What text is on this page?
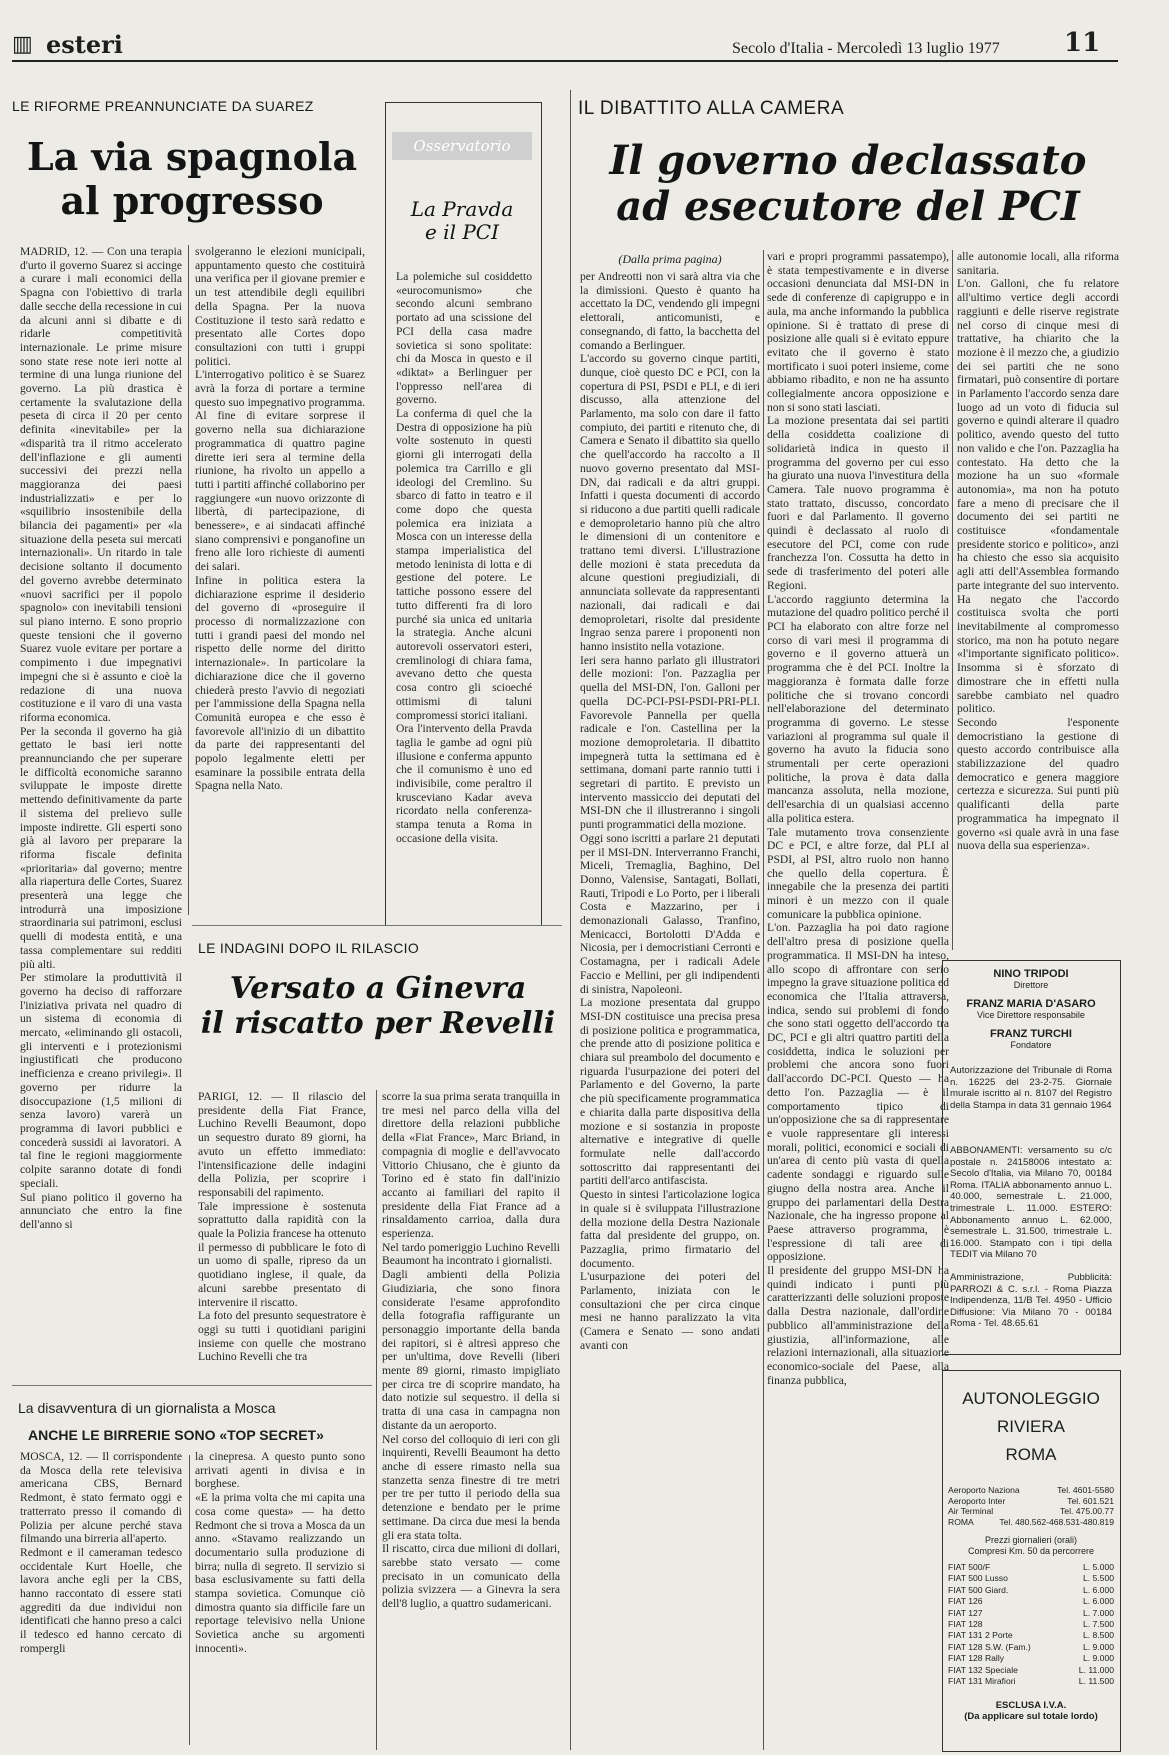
▥ esteri	Secolo d'Italia - Mercoledì 13 luglio 1977 11
LE RIFORME PREANNUNCIATE DA SUAREZ
La via spagnola
al progresso
MADRID, 12. — Con una terapia d'urto il governo Suarez si accinge a curare i mali economici della Spagna con l'obiettivo di trarla dalle secche della recessione in cui da alcuni anni si dibatte e di ridarle competitività internazionale. Le prime misure sono state rese note ieri notte al termine di una lunga riunione del governo. La più drastica è certamente la svalutazione della peseta di circa il 20 per cento definita «inevitabile» per la «disparità tra il ritmo accelerato dell'inflazione e gli aumenti successivi dei prezzi nella maggioranza dei paesi industrializzati» e per lo «squilibrio insostenibile della bilancia dei pagamenti» per «la situazione della peseta sui mercati internazionali». Un ritardo in tale decisione soltanto il documento del governo avrebbe determinato «nuovi sacrifici per il popolo spagnolo» con inevitabili tensioni sul piano interno. E sono proprio queste tensioni che il governo Suarez vuole evitare per portare a compimento i due impegnativi impegni che si è assunto e cioè la redazione di una nuova costituzione e il varo di una vasta riforma economica.
Per la seconda il governo ha già gettato le basi ieri notte preannunciando che per superare le difficoltà economiche saranno sviluppate le imposte dirette mettendo definitivamente da parte il sistema del prelievo sulle imposte indirette. Gli esperti sono già al lavoro per preparare la riforma fiscale definita «prioritaria» dal governo; mentre alla riapertura delle Cortes, Suarez presenterà una legge che introdurrà una imposizione straordinaria sui patrimoni, esclusi quelli di modesta entità, e una tassa complementare sui redditi più alti.
Per stimolare la produttività il governo ha deciso di rafforzare l'iniziativa privata nel quadro di un sistema di economia di mercato, «eliminando gli ostacoli, gli interventi e i protezionismi ingiustificati che producono inefficienza e creano privilegi». Il governo per ridurre la disoccupazione (1,5 milioni di senza lavoro) varerà un programma di lavori pubblici e concederà sussidi ai lavoratori. A tal fine le regioni maggiormente colpite saranno dotate di fondi speciali.
Sul piano politico il governo ha annunciato che entro la fine dell'anno si
svolgeranno le elezioni municipali, appuntamento questo che costituirà una verifica per il giovane premier e un test attendibile degli equilibri della Spagna. Per la nuova Costituzione il testo sarà redatto e presentato alle Cortes dopo consultazioni con tutti i gruppi politici.
L'interrogativo politico è se Suarez avrà la forza di portare a termine questo suo impegnativo programma. Al fine di evitare sorprese il governo nella sua dichiarazione programmatica di quattro pagine dirette ieri sera al termine della riunione, ha rivolto un appello a tutti i partiti affinché collaborino per raggiungere «un nuovo orizzonte di libertà, di partecipazione, di benessere», e ai sindacati affinché siano comprensivi e ponganofine un freno alle loro richieste di aumenti dei salari.
Infine in politica estera la dichiarazione esprime il desiderio del governo di «proseguire il processo di normalizzazione con tutti i grandi paesi del mondo nel rispetto delle norme del diritto internazionale». In particolare la dichiarazione dice che il governo chiederà presto l'avvio di negoziati per l'ammissione della Spagna nella Comunità europea e che esso è favorevole all'inizio di un dibattito da parte dei rappresentanti del popolo legalmente eletti per esaminare la possibile entrata della Spagna nella Nato.
Osservatorio
La Pravda
e il PCI
La polemiche sul cosiddetto «eurocomunismo» che secondo alcuni sembrano portato ad una scissione del PCI della casa madre sovietica si sono spolitate: chi da Mosca in questo e il «diktat» a Berlinguer per l'oppresso nell'area di governo.
La conferma di quel che la Destra di opposizione ha più volte sostenuto in questi giorni gli interrogati della polemica tra Carrillo e gli ideologi del Cremlino. Su sbarco di fatto in teatro e il come dopo che questa polemica era iniziata a Mosca con un interesse della stampa imperialistica del metodo leninista di lotta e di gestione del potere. Le tattiche possono essere del tutto differenti fra di loro purché sia unica ed unitaria la strategia. Anche alcuni autorevoli osservatori esteri, cremlinologi di chiara fama, avevano detto che questa cosa contro gli scioeché ottimismi di taluni compromessi storici italiani.
Ora l'intervento della Pravda taglia le gambe ad ogni più illusione e conferma appunto che il comunismo è uno ed indivisibile, come peraltro il krusceviano Kadar aveva ricordato nella conferenza-stampa tenuta a Roma in occasione della visita.
IL DIBATTITO ALLA CAMERA
Il governo declassato
ad esecutore del PCI
(Dalla prima pagina)
per Andreotti non vi sarà altra via che la dimissioni. Questo è quanto ha accettato la DC, vendendo gli impegni elettorali, anticomunisti, e consegnando, di fatto, la bacchetta del comando a Berlinguer.
L'accordo su governo cinque partiti, dunque, cioè questo DC e PCI, con la copertura di PSI, PSDI e PLI, e di ieri discusso, alla attenzione del Parlamento, ma solo con dare il fatto compiuto, dei partiti e ritenuto che, di Camera e Senato il dibattito sia quello che quell'accordo ha raccolto a Il nuovo governo presentato dal MSI-DN, dai radicali e da altri gruppi. Infatti i questa documenti di accordo si riducono a due partiti quelli radicale e demoproletario hanno più che altro le dimensioni di un contenitore e trattano temi diversi. L'illustrazione delle mozioni è stata preceduta da alcune questioni pregiudiziali, di annunciata sollevate da rappresentanti nazionali, dai radicali e dai demoproletari, risolte dal presidente Ingrao senza parere i proponenti non hanno insistito nella votazione.
Ieri sera hanno parlato gli illustratori delle mozioni: l'on. Pazzaglia per quella del MSI-DN, l'on. Galloni per quella DC-PCI-PSI-PSDI-PRI-PLI. Favorevole Pannella per quella radicale e l'on. Castellina per la mozione demoproletaria. Il dibattito impegnerà tutta la settimana ed è settimana, domani parte rannio tutti i segretari di partito. E previsto un intervento massiccio dei deputati del MSI-DN che il illustreranno i singoli punti programmatici della mozione.
Oggi sono iscritti a parlare 21 deputati per il MSI-DN. Interverranno Franchi, Miceli, Tremaglia, Baghino, Del Donno, Valensise, Santagati, Bollati, Rauti, Tripodi e Lo Porto, per i liberali Costa e Mazzarino, per i demonazionali Galasso, Tranfino, Menicacci, Bortolotti D'Adda e Nicosia, per i democristiani Cerronti e Costamagna, per i radicali Adele Faccio e Mellini, per gli indipendenti di sinistra, Napoleoni.
La mozione presentata dal gruppo MSI-DN costituisce una precisa presa di posizione politica e programmatica, che prende atto di posizione politica e chiara sul preambolo del documento e riguarda l'usurpazione dei poteri del Parlamento e del Governo, la parte che più specificamente programmatica e chiarita dalla parte dispositiva della mozione e si sostanzia in proposte alternative e integrative di quelle formulate nelle dall'accordo sottoscritto dai rappresentanti dei partiti dell'arco antifascista.
Questo in sintesi l'articolazione logica in quale si è sviluppata l'illustrazione della mozione della Destra Nazionale fatta dal presidente del gruppo, on. Pazzaglia, primo firmatario del documento.
L'usurpazione dei poteri del Parlamento, iniziata con le consultazioni che per circa cinque mesi ne hanno paralizzato la vita (Camera e Senato — sono andati avanti con
vari e propri programmi passatempo), è stata tempestivamente e in diverse occasioni denunciata dal MSI-DN in sede di conferenze di capigruppo e in aula, ma anche informando la pubblica opinione. Si è trattato di prese di posizione alle quali si è evitato eppure evitato che il governo è stato mortificato i suoi poteri insieme, come abbiamo ribadito, e non ne ha assunto collegialmente ancora opposizione e non si sono stati lasciati.
La mozione presentata dai sei partiti della cosiddetta coalizione di solidarietà indica in questo il programma del governo per cui esso ha giurato una nuova l'investitura della Camera. Tale nuovo programma è stato trattato, discusso, concordato fuori e dal Parlamento. Il governo quindi è declassato al ruolo di esecutore del PCI, come con rude franchezza l'on. Cossutta ha detto in sede di trasferimento del poteri alle Regioni.
L'accordo raggiunto determina la mutazione del quadro politico perché il PCI ha elaborato con altre forze nel corso di vari mesi il programma di governo e il governo attuerà un programma che è del PCI. Inoltre la maggioranza è formata dalle forze politiche che si trovano concordi nell'elaborazione del determinato programma di governo. Le stesse variazioni al programma sul quale il governo ha avuto la fiducia sono strumentali per certe operazioni politiche, la prova è data dalla mancanza assoluta, nella mozione, dell'esarchia di un qualsiasi accenno alla politica estera.
Tale mutamento trova consenziente DC e PCI, e altre forze, dal PLI al PSDI, al PSI, altro ruolo non hanno che quello della copertura. È innegabile che la presenza dei partiti minori è un mezzo con il quale comunicare la pubblica opinione.
L'on. Pazzaglia ha poi dato ragione dell'altro presa di posizione quella programmatica. Il MSI-DN ha inteso, allo scopo di affrontare con serio impegno la grave situazione politica ed economica che l'Italia attraversa, indica, sendo sui problemi di fondo che sono stati oggetto dell'accordo tra DC, PCI e gli altri quattro partiti della cosiddetta, indica le soluzioni per problemi che ancora sono fuori dall'accordo DC-PCI. Questo — ha detto l'on. Pazzaglia — è il comportamento tipico di un'opposizione che sa di rappresentare e vuole rappresentare gli interessi morali, politici, economici e sociali di un'area di cento più vasta di quella cadente sondaggi e riguardo sulle giugno della nostra area. Anche il gruppo dei parlamentari della Destra Nazionale, che ha ingresso propone al Paese attraverso programma, è l'espressione di tali aree di opposizione.
Il presidente del gruppo MSI-DN ha quindi indicato i punti più caratterizzanti delle soluzioni proposte dalla Destra nazionale, dall'ordine pubblico all'amministrazione della giustizia, all'informazione, alle relazioni internazionali, alla situazione economico-sociale del Paese, alla finanza pubblica,
alle autonomie locali, alla riforma sanitaria.
L'on. Galloni, che fu relatore all'ultimo vertice degli accordi raggiunti e delle riserve registrate nel corso di cinque mesi di trattative, ha chiarito che la mozione è il mezzo che, a giudizio dei sei partiti che ne sono firmatari, può consentire di portare in Parlamento l'accordo senza dare luogo ad un voto di fiducia sul governo e quindi alterare il quadro politico, avendo questo del tutto non valido e che l'on. Pazzaglia ha contestato. Ha detto che la mozione ha un suo «formale autonomia», ma non ha potuto fare a meno di precisare che il documento dei sei partiti ne costituisce «fondamentale presidente storico e politico», anzi ha chiesto che esso sia acquisito agli atti dell'Assemblea formando parte integrante del suo intervento. Ha negato che l'accordo costituisca svolta che porti inevitabilmente al compromesso storico, ma non ha potuto negare «l'importante significato politico». Insomma si è sforzato di dimostrare che in effetti nulla sarebbe cambiato nel quadro politico.
Secondo l'esponente democristiano la gestione di questo accordo contribuisce alla stabilizzazione del quadro democratico e genera maggiore certezza e sicurezza. Sui punti più qualificanti della parte programmatica ha impegnato il governo «si quale avrà in una fase nuova della sua esperienza».
NINO TRIPODI
Direttore
FRANZ MARIA D'ASARO
Vice Direttore responsabile
FRANZ TURCHI
Fondatore
Autorizzazione del Tribunale di Roma n. 16225 del 23-2-75. Giornale murale iscritto al n. 8107 del Registro della Stampa in data 31 gennaio 1964
ABBONAMENTI: versamento su c/c postale n. 24158006 intestato a: Secolo d'Italia, via Milano 70, 00184 Roma. ITALIA abbonamento annuo L. 40.000, semestrale L. 21.000, trimestrale L. 11.000. ESTERO: Abbonamento annuo L. 62.000, semestrale L. 31.500, trimestrale L. 16.000. Stampato con i tipi della TEDIT via Milano 70
Amministrazione, Pubblicità: PARROZI & C. s.r.l. - Roma Piazza Indipendenza, 11/B Tel. 4950 - Ufficio Diffusione: Via Milano 70 - 00184 Roma - Tel. 48.65.61
AUTONOLEGGIO
RIVIERA
ROMA
Aeroporto Naziona	Tel. 4601-5580
Aeroporto Inter	Tel. 601.521
Air Terminal	Tel. 475.00.77
ROMA	Tel. 480.562-468.531-480.819
Prezzi giornalieri (orali)
Compresi Km. 50 da percorrere
FIAT 500/F	L. 5.000
FIAT 500 Lusso	L. 5.500
FIAT 500 Giard.	L. 6.000
FIAT 126	L. 6.000
FIAT 127	L. 7.000
FIAT 128	L. 7.500
FIAT 131 2 Porte	L. 8.500
FIAT 128 S.W. (Fam.)	L. 9.000
FIAT 128 Rally	L. 9.000
FIAT 132 Speciale	L. 11.000
FIAT 131 Mirafiori	L. 11.500
ESCLUSA I.V.A.
(Da applicare sul totale lordo)
LE INDAGINI DOPO IL RILASCIO
Versato a Ginevra
il riscatto per Revelli
PARIGI, 12. — Il rilascio del presidente della Fiat France, Luchino Revelli Beaumont, dopo un sequestro durato 89 giorni, ha avuto un effetto immediato: l'intensificazione delle indagini della Polizia, per scoprire i responsabili del rapimento.
Tale impressione è sostenuta soprattutto dalla rapidità con la quale la Polizia francese ha ottenuto il permesso di pubblicare le foto di un uomo di spalle, ripreso da un quotidiano inglese, il quale, da alcuni sarebbe presentato di intervenire il riscatto.
La foto del presunto sequestratore è oggi su tutti i quotidiani parigini insieme con quelle che mostrano Luchino Revelli che tra
scorre la sua prima serata tranquilla in tre mesi nel parco della villa del direttore della relazioni pubbliche della «Fiat France», Marc Briand, in compagnia di moglie e dell'avvocato Vittorio Chiusano, che è giunto da Torino ed è stato fin dall'inizio accanto ai familiari del rapito il presidente della Fiat France ad a rinsaldamento carrioa, dalla dura esperienza.
Nel tardo pomeriggio Luchino Revelli Beaumont ha incontrato i giornalisti.
Dagli ambienti della Polizia Giudiziaria, che sono finora considerate l'esame approfondito della fotografia raffigurante un personaggio importante della banda dei rapitori, si è altresì appreso che per un'ultima, dove Revelli (liberi mente 89 giorni, rimasto impigliato per circa tre di scoprire mandato, ha dato notizie sul sequestro. il della si tratta di una casa in campagna non distante da un aeroporto.
Nel corso del colloquio di ieri con gli inquirenti, Revelli Beaumont ha detto anche di essere rimasto nella sua stanzetta senza finestre di tre metri per tre per tutto il periodo della sua detenzione e bendato per le prime settimane. Da circa due mesi la benda gli era stata tolta.
Il riscatto, circa due milioni di dollari, sarebbe stato versato — come precisato in un comunicato della polizia svizzera — a Ginevra la sera dell'8 luglio, a quattro sudamericani.
La disavventura di un giornalista a Mosca
ANCHE LE BIRRERIE SONO «TOP SECRET»
MOSCA, 12. — Il corrispondente da Mosca della rete televisiva americana CBS, Bernard Redmont, è stato fermato oggi e tratterrato presso il comando di Polizia per alcune perché stava filmando una birreria all'aperto.
Redmont e il cameraman tedesco occidentale Kurt Hoelle, che lavora anche egli per la CBS, hanno raccontato di essere stati aggrediti da due individui non identificati che hanno preso a calci il tedesco ed hanno cercato di rompergli
la cinepresa. A questo punto sono arrivati agenti in divisa e in borghese.
«E la prima volta che mi capita una cosa come questa» — ha detto Redmont che si trova a Mosca da un anno. «Stavamo realizzando un documentario sulla produzione di birra; nulla di segreto. Il servizio si basa esclusivamente su fatti della stampa sovietica. Comunque ciò dimostra quanto sia difficile fare un reportage televisivo nella Unione Sovietica anche su argomenti innocenti».
